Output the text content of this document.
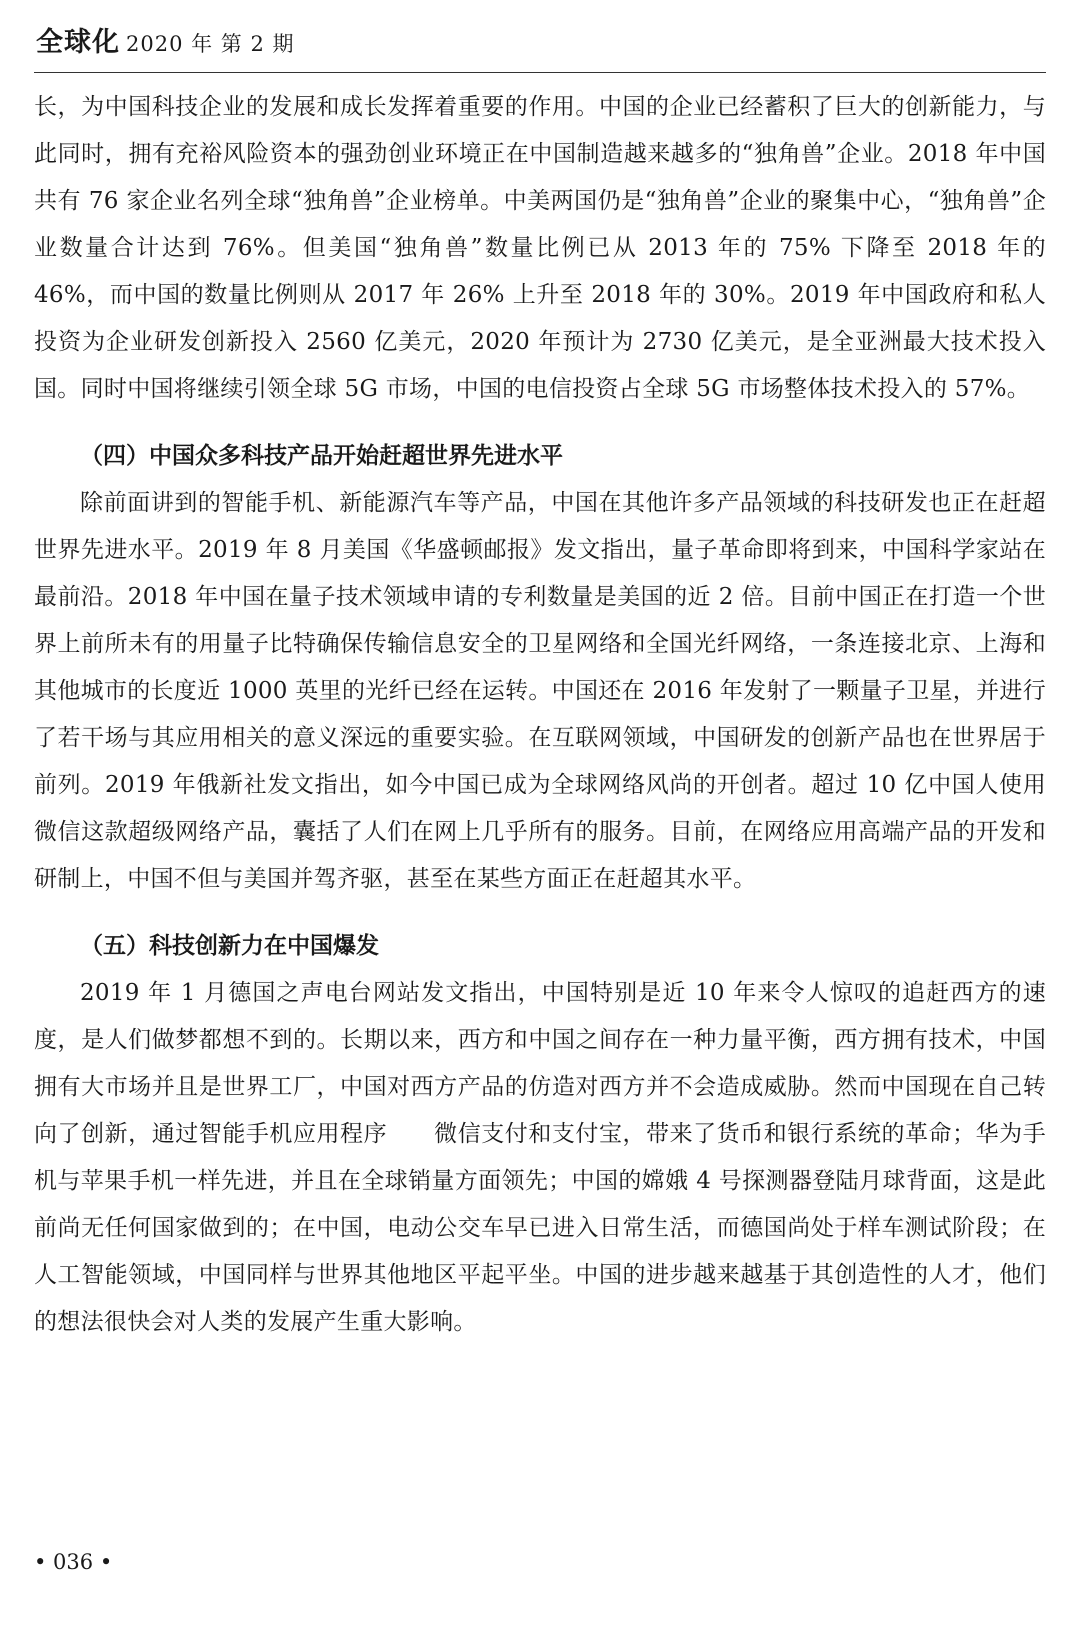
全球化 2020 年 第 2 期

长，为中国科技企业的发展和成长发挥着重要的作用。中国的企业已经蓄积了巨大的创新能力，与此同时，拥有充裕风险资本的强劲创业环境正在中国制造越来越多的“独角兽”企业。2018 年中国共有 76 家企业名列全球“独角兽”企业榜单。中美两国仍是“独角兽”企业的聚集中心，“独角兽”企业数量合计达到 76%。但美国“独角兽”数量比例已从 2013 年的 75% 下降至 2018 年的 46%，而中国的数量比例则从 2017 年 26% 上升至 2018 年的 30%。2019 年中国政府和私人投资为企业研发创新投入 2560 亿美元，2020 年预计为 2730 亿美元，是全亚洲最大技术投入国。同时中国将继续引领全球 5G 市场，中国的电信投资占全球 5G 市场整体技术投入的 57%。

（四）中国众多科技产品开始赶超世界先进水平

除前面讲到的智能手机、新能源汽车等产品，中国在其他许多产品领域的科技研发也正在赶超世界先进水平。2019 年 8 月美国《华盛顿邮报》发文指出，量子革命即将到来，中国科学家站在最前沿。2018 年中国在量子技术领域申请的专利数量是美国的近 2 倍。目前中国正在打造一个世界上前所未有的用量子比特确保传输信息安全的卫星网络和全国光纤网络，一条连接北京、上海和其他城市的长度近 1000 英里的光纤已经在运转。中国还在 2016 年发射了一颗量子卫星，并进行了若干场与其应用相关的意义深远的重要实验。在互联网领域，中国研发的创新产品也在世界居于前列。2019 年俄新社发文指出，如今中国已成为全球网络风尚的开创者。超过 10 亿中国人使用微信这款超级网络产品，囊括了人们在网上几乎所有的服务。目前，在网络应用高端产品的开发和研制上，中国不但与美国并驾齐驱，甚至在某些方面正在赶超其水平。

（五）科技创新力在中国爆发

2019 年 1 月德国之声电台网站发文指出，中国特别是近 10 年来令人惊叹的追赶西方的速度，是人们做梦都想不到的。长期以来，西方和中国之间存在一种力量平衡，西方拥有技术，中国拥有大市场并且是世界工厂，中国对西方产品的仿造对西方并不会造成威胁。然而中国现在自己转向了创新，通过智能手机应用程序　　微信支付和支付宝，带来了货币和银行系统的革命；华为手机与苹果手机一样先进，并且在全球销量方面领先；中国的嫦娥 4 号探测器登陆月球背面，这是此前尚无任何国家做到的；在中国，电动公交车早已进入日常生活，而德国尚处于样车测试阶段；在人工智能领域，中国同样与世界其他地区平起平坐。中国的进步越来越基于其创造性的人才，他们的想法很快会对人类的发展产生重大影响。

• 036 •
